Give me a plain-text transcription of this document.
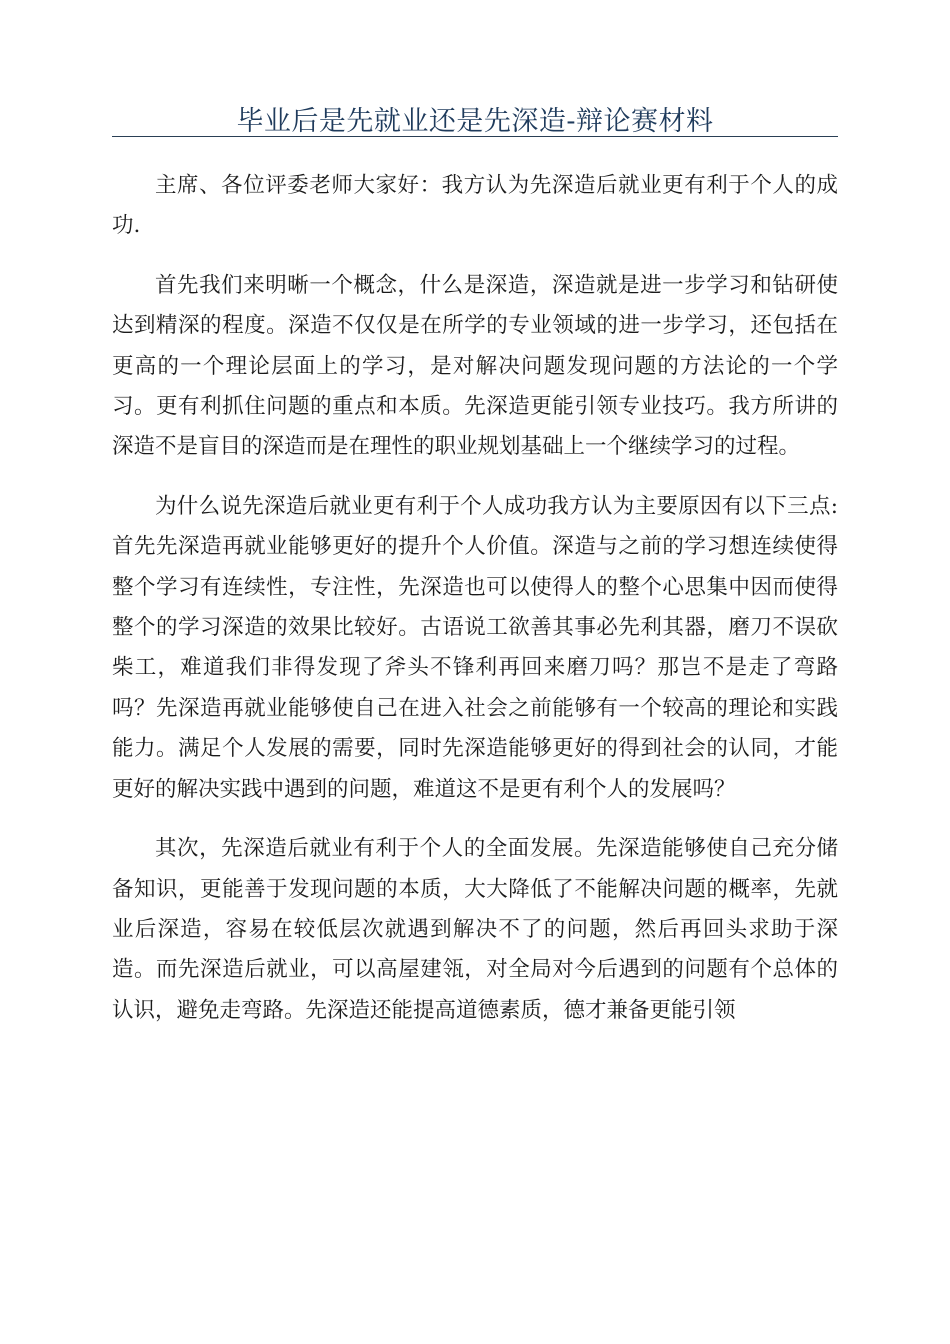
毕业后是先就业还是先深造-辩论赛材料

主席、各位评委老师大家好：我方认为先深造后就业更有利于个人的成功.

首先我们来明晰一个概念，什么是深造，深造就是进一步学习和钻研使达到精深的程度。深造不仅仅是在所学的专业领域的进一步学习，还包括在更高的一个理论层面上的学习，是对解决问题发现问题的方法论的一个学习。更有利抓住问题的重点和本质。先深造更能引领专业技巧。我方所讲的深造不是盲目的深造而是在理性的职业规划基础上一个继续学习的过程。

为什么说先深造后就业更有利于个人成功我方认为主要原因有以下三点:首先先深造再就业能够更好的提升个人价值。深造与之前的学习想连续使得整个学习有连续性，专注性，先深造也可以使得人的整个心思集中因而使得整个的学习深造的效果比较好。古语说工欲善其事必先利其器，磨刀不误砍柴工，难道我们非得发现了斧头不锋利再回来磨刀吗？那岂不是走了弯路吗？先深造再就业能够使自己在进入社会之前能够有一个较高的理论和实践能力。满足个人发展的需要，同时先深造能够更好的得到社会的认同，才能更好的解决实践中遇到的问题，难道这不是更有利个人的发展吗？

其次，先深造后就业有利于个人的全面发展。先深造能够使自己充分储备知识，更能善于发现问题的本质，大大降低了不能解决问题的概率，先就业后深造，容易在较低层次就遇到解决不了的问题，然后再回头求助于深造。而先深造后就业，可以高屋建瓴，对全局对今后遇到的问题有个总体的认识，避免走弯路。先深造还能提高道德素质，德才兼备更能引领
